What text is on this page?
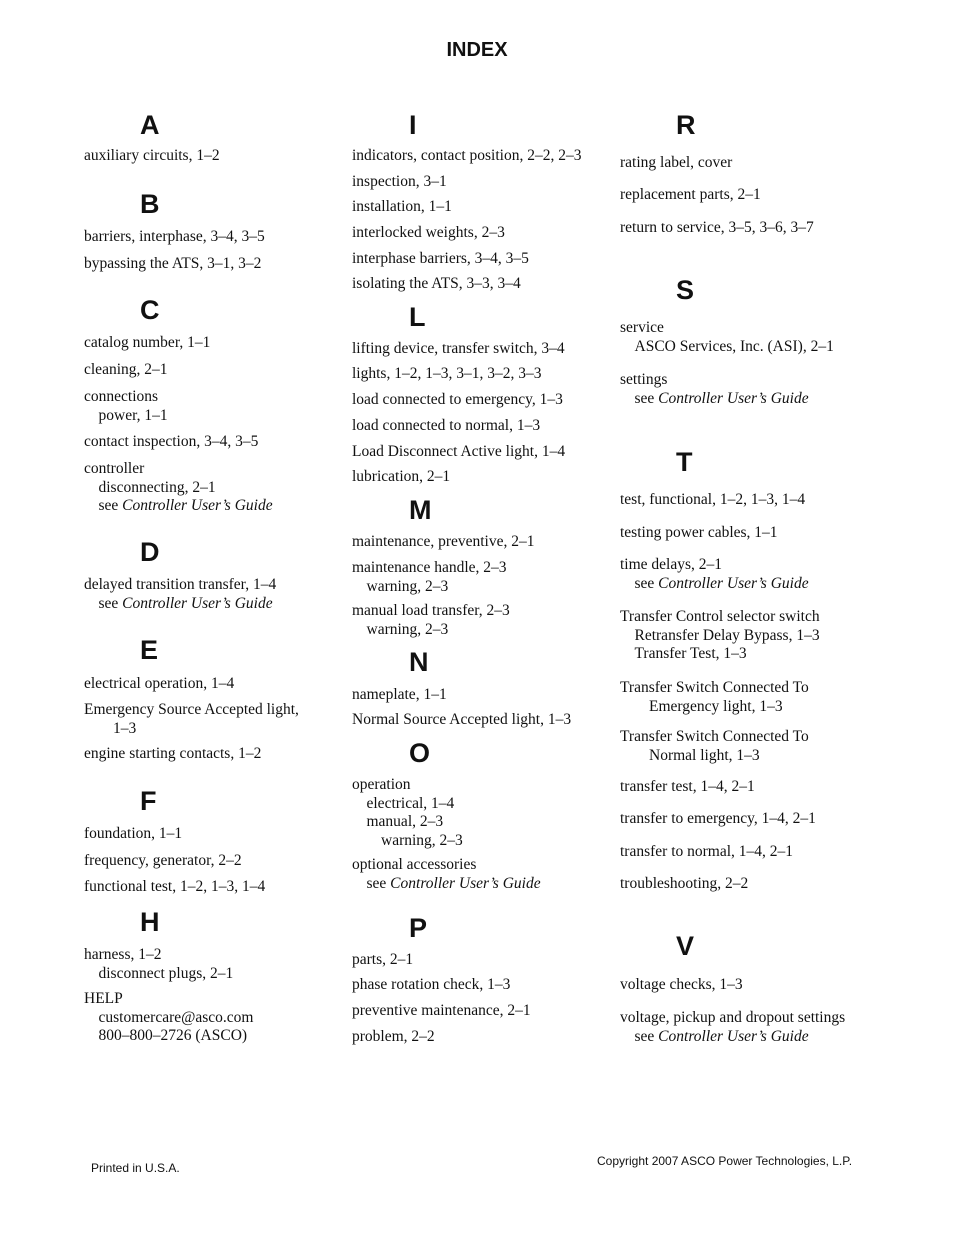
INDEX
A
auxiliary circuits, 1–2
B
barriers, interphase, 3–4, 3–5
bypassing the ATS, 3–1, 3–2
C
catalog number, 1–1
cleaning, 2–1
connections
power, 1–1
contact inspection, 3–4, 3–5
controller
disconnecting, 2–1
see Controller User’s Guide
D
delayed transition transfer, 1–4
see Controller User’s Guide
E
electrical operation, 1–4
Emergency Source Accepted light,
1–3
engine starting contacts, 1–2
F
foundation, 1–1
frequency, generator, 2–2
functional test, 1–2, 1–3, 1–4
H
harness, 1–2
disconnect plugs, 2–1
HELP
customercare@asco.com
800–800–2726 (ASCO)
I
indicators, contact position, 2–2, 2–3
inspection, 3–1
installation, 1–1
interlocked weights, 2–3
interphase barriers, 3–4, 3–5
isolating the ATS, 3–3, 3–4
L
lifting device, transfer switch, 3–4
lights, 1–2, 1–3, 3–1, 3–2, 3–3
load connected to emergency, 1–3
load connected to normal, 1–3
Load Disconnect Active light, 1–4
lubrication, 2–1
M
maintenance, preventive, 2–1
maintenance handle, 2–3
warning, 2–3
manual load transfer, 2–3
warning, 2–3
N
nameplate, 1–1
Normal Source Accepted light, 1–3
O
operation
electrical, 1–4
manual, 2–3
warning, 2–3
optional accessories
see Controller User’s Guide
P
parts, 2–1
phase rotation check, 1–3
preventive maintenance, 2–1
problem, 2–2
R
rating label, cover
replacement parts, 2–1
return to service, 3–5, 3–6, 3–7
S
service
ASCO Services, Inc. (ASI), 2–1
settings
see Controller User’s Guide
T
test, functional, 1–2, 1–3, 1–4
testing power cables, 1–1
time delays, 2–1
see Controller User’s Guide
Transfer Control selector switch
Retransfer Delay Bypass, 1–3
Transfer Test, 1–3
Transfer Switch Connected To
Emergency light, 1–3
Transfer Switch Connected To
Normal light, 1–3
transfer test, 1–4, 2–1
transfer to emergency, 1–4, 2–1
transfer to normal, 1–4, 2–1
troubleshooting, 2–2
V
voltage checks, 1–3
voltage, pickup and dropout settings
see Controller User’s Guide
Printed in U.S.A.	Copyright 2007 ASCO Power Technologies, L.P.
